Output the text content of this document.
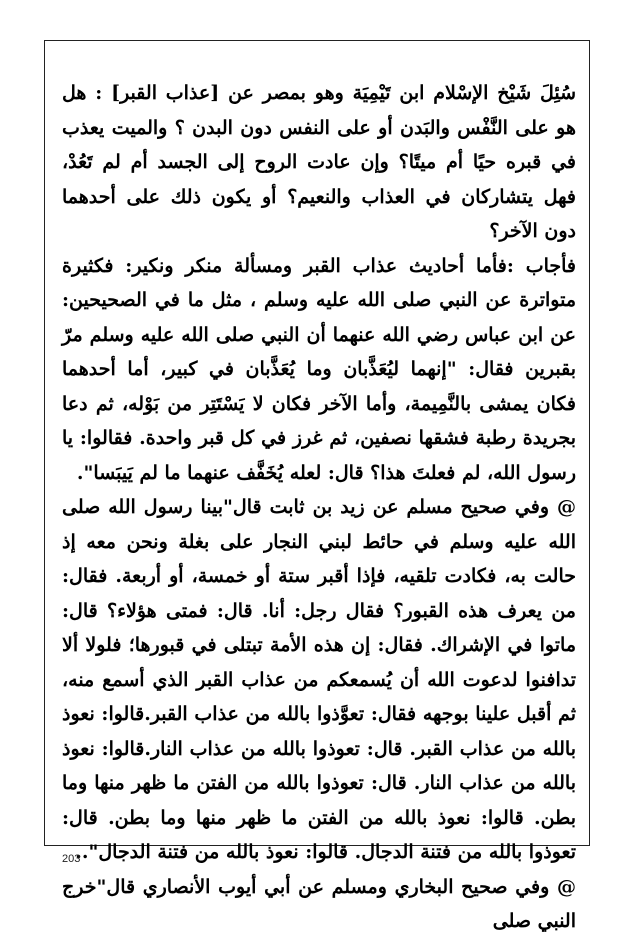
سُئِلَ شَيْخ الإسْلام ابن تَيْمِيَة وهو بمصر عن [عذاب القبر] : هل هو على النَّفْس والبَدن أو على النفس دون البدن ؟ والميت يعذب في قبره حيًا أم ميتًا؟ وإن عادت الروح إلى الجسد أم لم تَعُدْ، فهل يتشاركان في العذاب والنعيم؟ أو يكون ذلك على أحدهما دون الآخر؟

فأجاب :فأما أحاديث عذاب القبر ومسألة منكر ونكير: فكثيرة متواترة عن النبي صلى الله عليه وسلم ، مثل ما في الصحيحين: عن ابن عباس رضي الله عنهما أن النبي صلى الله عليه وسلم مرّ بقبرين فقال: "إنهما ليُعَذَّبان وما يُعَذَّبان في كبير، أما أحدهما فكان يمشى بالنَّمِيمة، وأما الآخر فكان لا يَسْتَتِر من بَوْله، ثم دعا بجريدة رطبة فشقها نصفين، ثم غرز في كل قبر واحدة. فقالوا: يا رسول الله، لم فعلتَ هذا؟ قال: لعله يُخَفَّف عنهما ما لم يَيبَسا".

@ وفي صحيح مسلم عن زيد بن ثابت قال"بينا رسول الله صلى الله عليه وسلم في حائط لبني النجار على بغلة ونحن معه إذ حالت به، فكادت تلقيه، فإذا أقبر ستة أو خمسة، أو أربعة. فقال: من يعرف هذه القبور؟ فقال رجل: أنا. قال: فمتى هؤلاء؟ قال: ماتوا في الإشراك. فقال: إن هذه الأمة تبتلى في قبورها؛ فلولا ألا تدافنوا لدعوت الله أن يُسمعكم من عذاب القبر الذي أسمع منه، ثم أقبل علينا بوجهه فقال: تعوَّذوا بالله من عذاب القبر.قالوا: نعوذ بالله من عذاب القبر. قال: تعوذوا بالله من عذاب النار.قالوا: نعوذ بالله من عذاب النار. قال: تعوذوا بالله من الفتن ما ظهر منها وما بطن. قالوا: نعوذ بالله من الفتن ما ظهر منها وما بطن. قال: تعوذوا بالله من فتنة الدجال. قالوا: نعوذ بالله من فتنة الدجال"..

@ وفي صحيح البخاري ومسلم عن أبي أيوب الأنصاري قال"خرج النبي صلى

203
